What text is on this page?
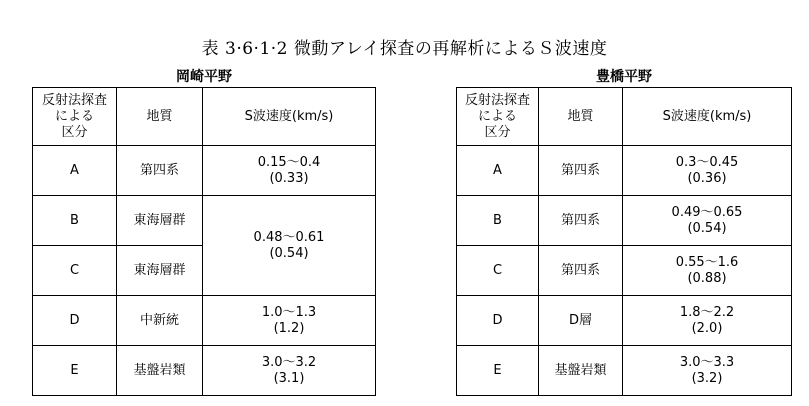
表 3·6·1·2 微動アレイ探査の再解析によるＳ波速度
岡崎平野
反射法探査
による
区分	地質	S波速度(km/s)
A	第四系	0.15～0.4
(0.33)

B	東海層群	0.48～0.61
(0.54)

C	東海層群	
D	中新統	1.0～1.3
(1.2)

E	基盤岩類	3.0～3.2
(3.1)
豊橋平野
反射法探査
による
区分	地質	S波速度(km/s)
A	第四系	0.3～0.45
(0.36)

B	第四系	0.49～0.65
(0.54)

C	第四系	0.55～1.6
(0.88)

D	D層	1.8～2.2
(2.0)

E	基盤岩類	3.0～3.3
(3.2)
